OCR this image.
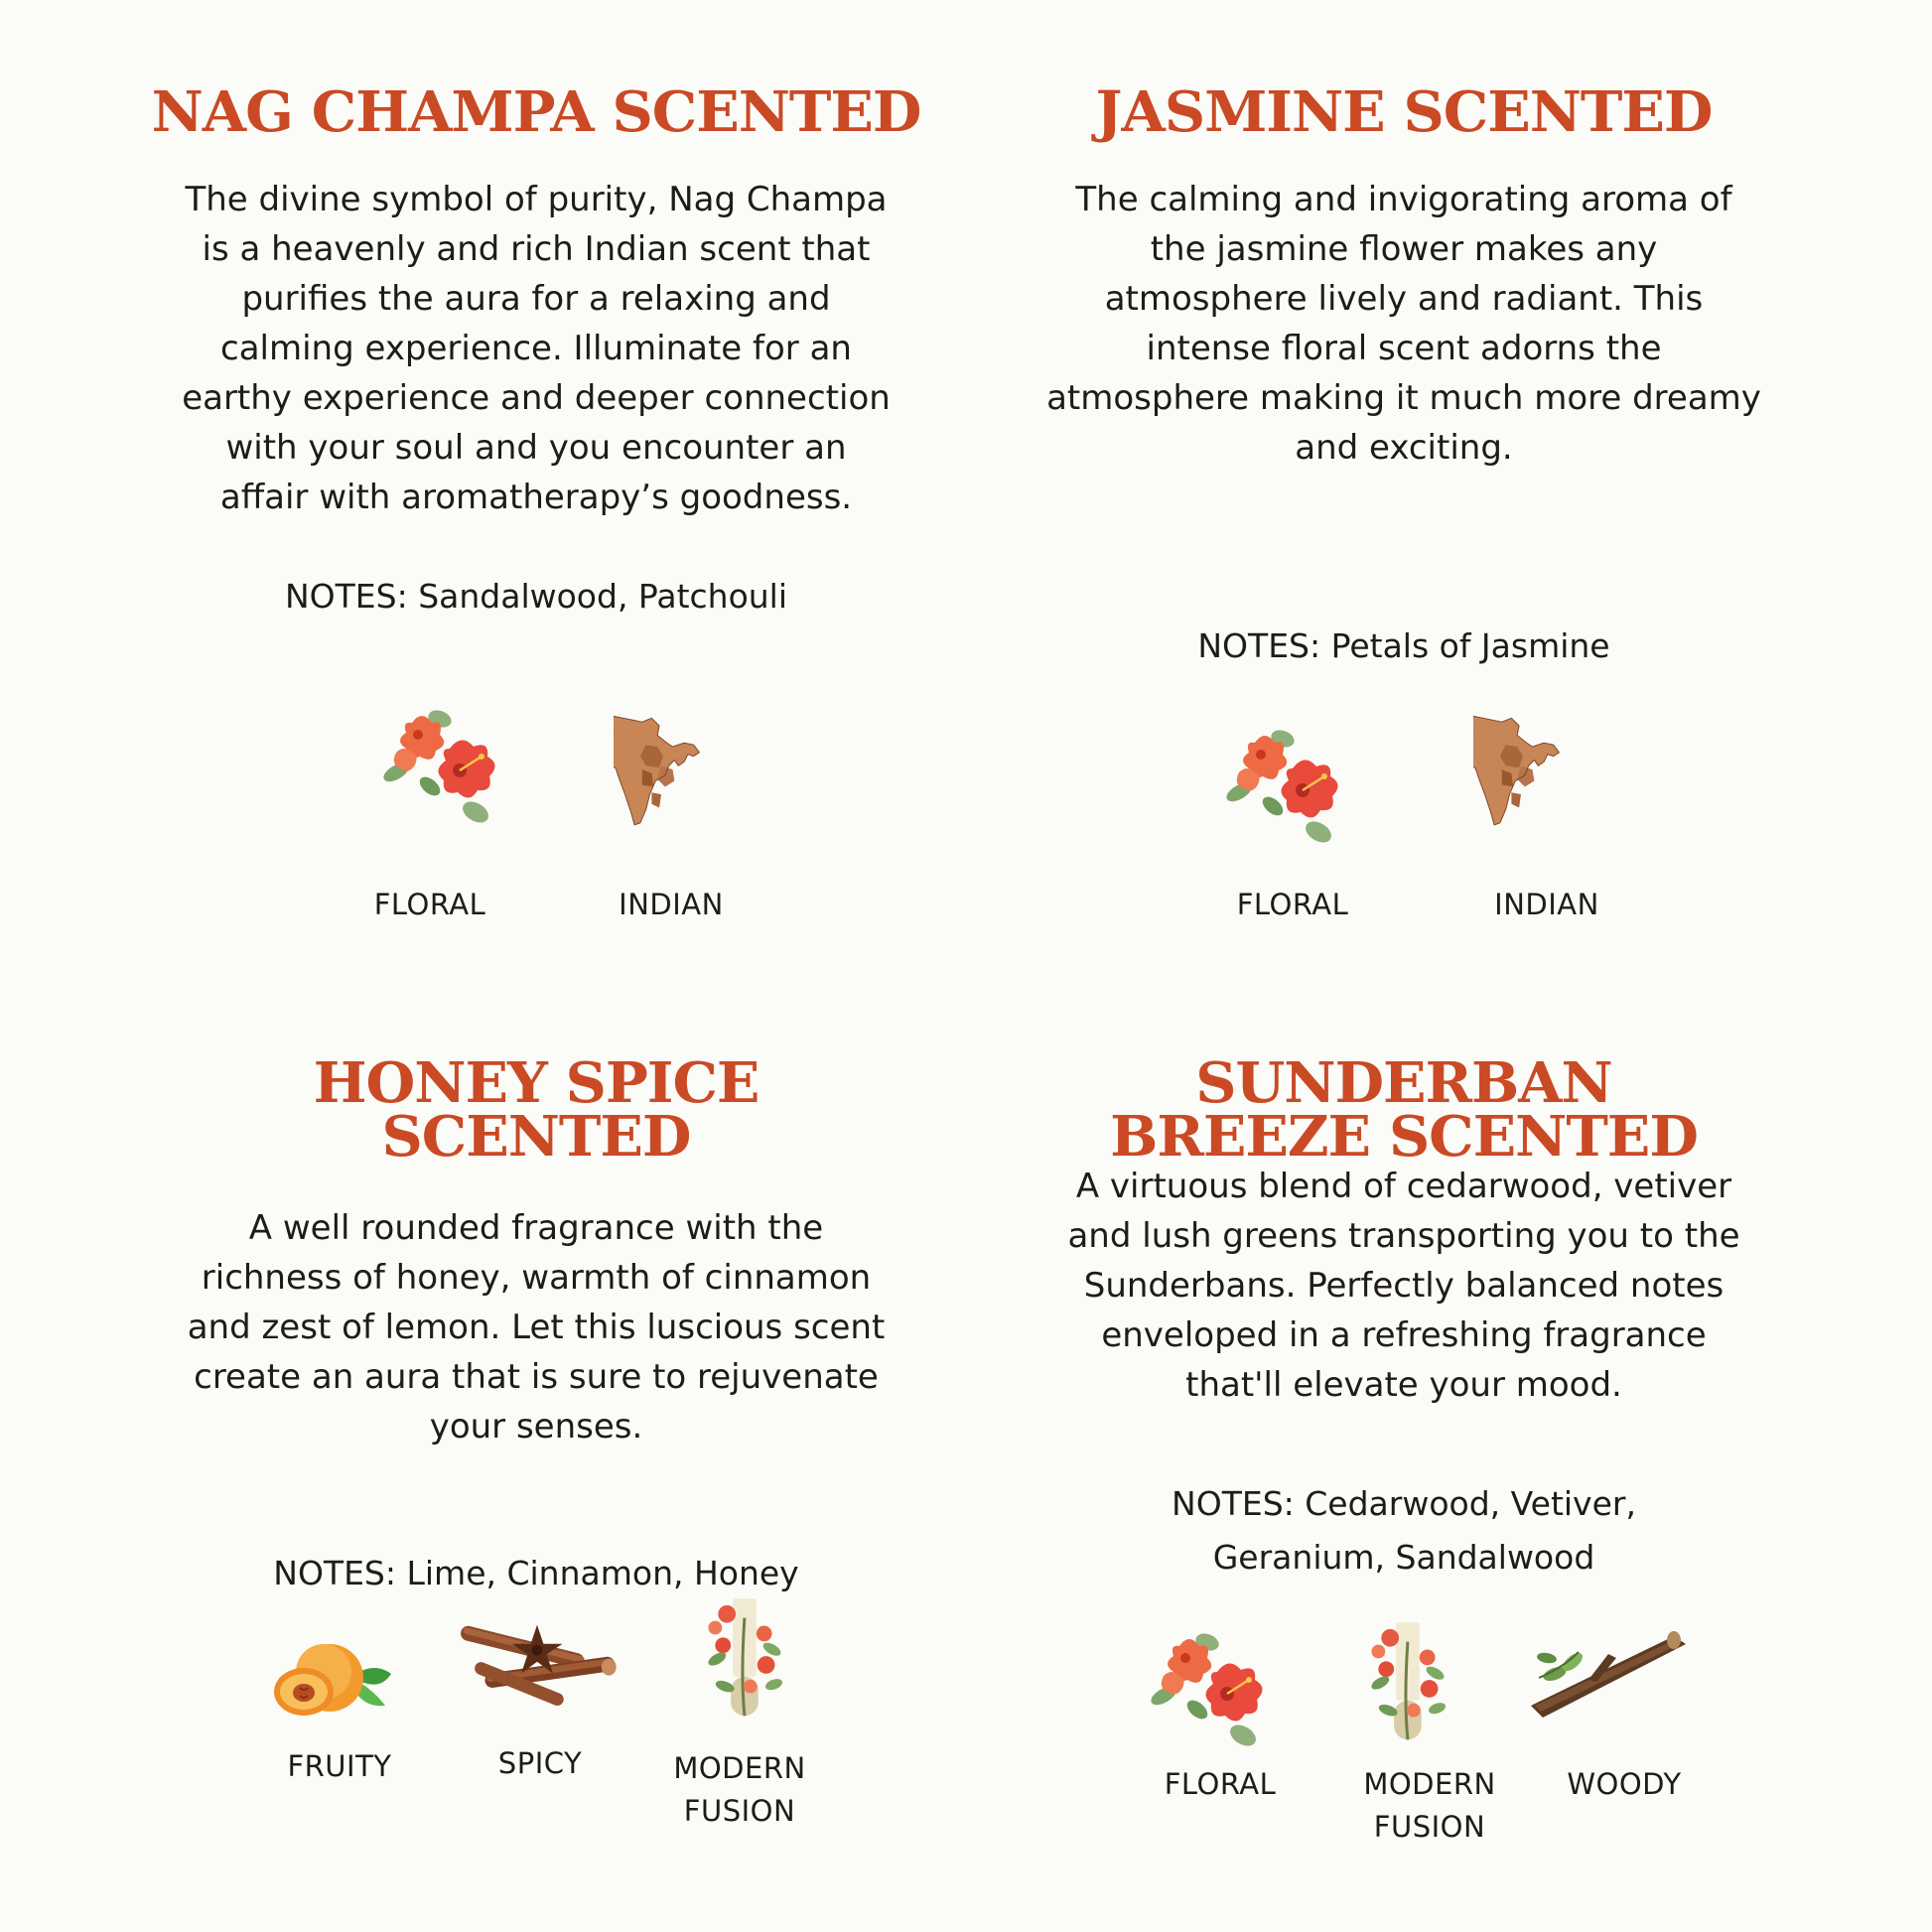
NAG CHAMPA SCENTED

The divine symbol of purity, Nag Champa is a heavenly and rich Indian scent that purifies the aura for a relaxing and calming experience. Illuminate for an earthy experience and deeper connection with your soul and you encounter an affair with aromatherapy’s goodness.

NOTES: Sandalwood, Patchouli

FLORAL	INDIAN
JASMINE SCENTED

The calming and invigorating aroma of the jasmine flower makes any atmosphere lively and radiant. This intense floral scent adorns the atmosphere making it much more dreamy and exciting.

NOTES: Petals of Jasmine

FLORAL	INDIAN
HONEY SPICE SCENTED

A well rounded fragrance with the richness of honey, warmth of cinnamon and zest of lemon. Let this luscious scent create an aura that is sure to rejuvenate your senses.

NOTES: Lime, Cinnamon, Honey

FRUITY	SPICY	MODERN
FUSION
SUNDERBAN BREEZE SCENTED

A virtuous blend of cedarwood, vetiver and lush greens transporting you to the Sunderbans. Perfectly balanced notes enveloped in a refreshing fragrance that'll elevate your mood.

NOTES: Cedarwood, Vetiver, Geranium, Sandalwood

FLORAL	MODERN
FUSION
WOODY
